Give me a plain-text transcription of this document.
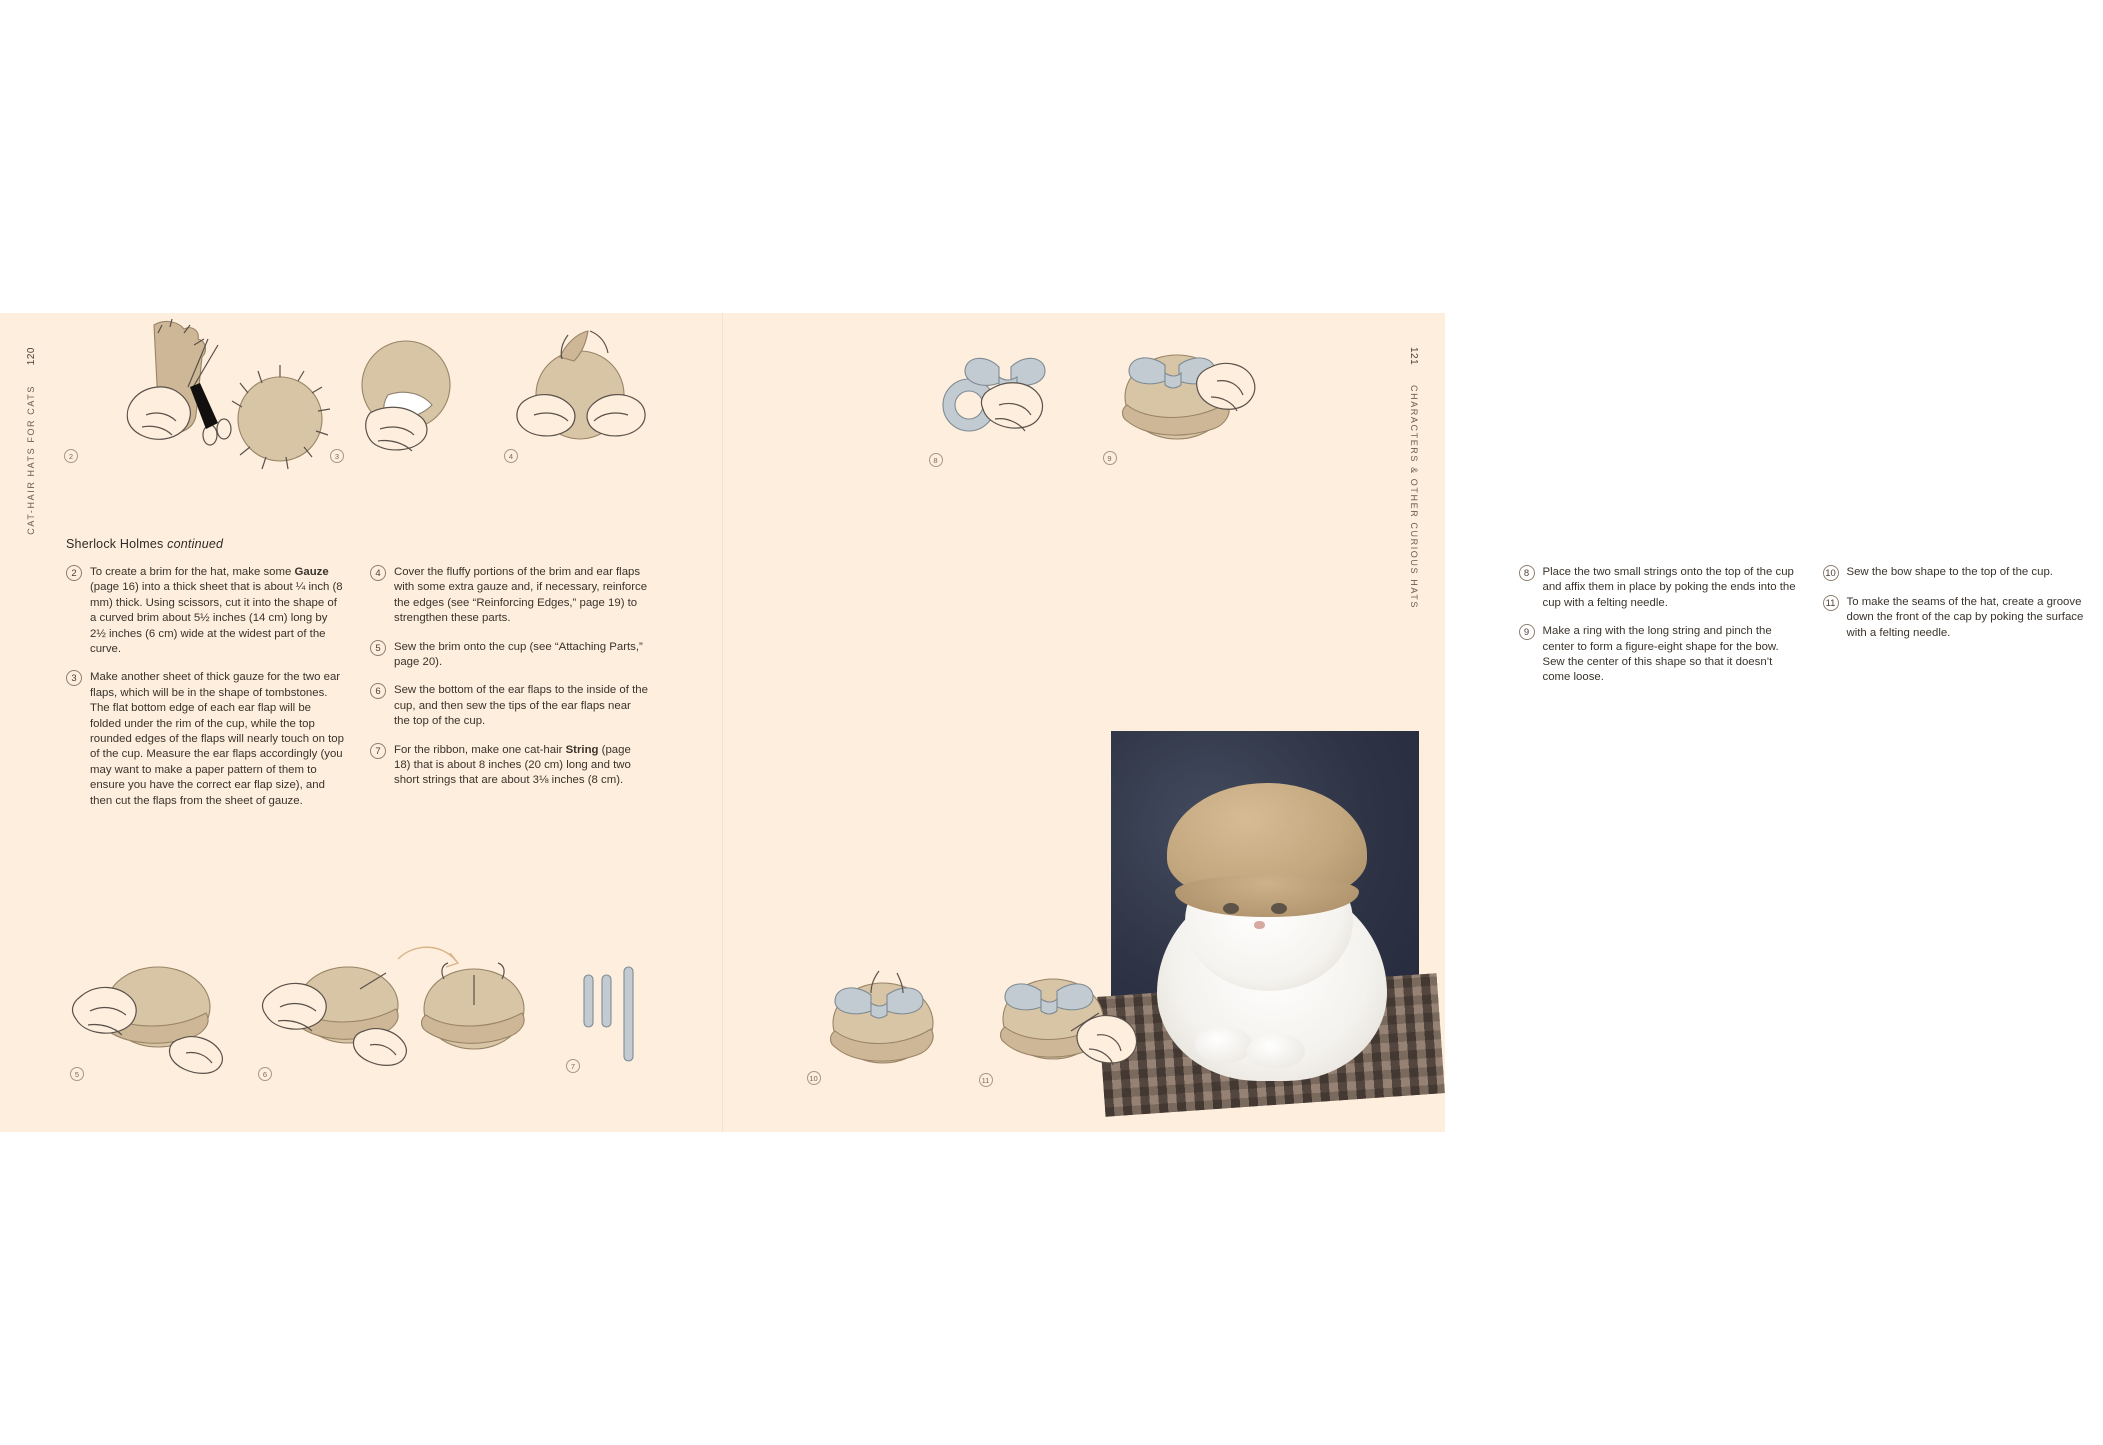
120
CAT-HAIR HATS FOR CATS	2	3	4
Sherlock Holmes continued
2	To create a brim for the hat, make some Gauze (page 16) into a thick sheet that is about ¼ inch (8 mm) thick. Using scissors, cut it into the shape of a curved brim about 5½ inches (14 cm) long by 2½ inches (6 cm) wide at the widest part of the curve.
3	Make another sheet of thick gauze for the two ear flaps, which will be in the shape of tombstones. The flat bottom edge of each ear flap will be folded under the rim of the cup, while the top rounded edges of the flaps will nearly touch on top of the cup. Measure the ear flaps accordingly (you may want to make a paper pattern of them to ensure you have the correct ear flap size), and then cut the flaps from the sheet of gauze.
4	Cover the fluffy portions of the brim and ear flaps with some extra gauze and, if necessary, reinforce the edges (see “Reinforcing Edges,” page 19) to strengthen these parts.
5	Sew the brim onto the cup (see “Attaching Parts,” page 20).
6	Sew the bottom of the ear flaps to the inside of the cup, and then sew the tips of the ear flaps near the top of the cup.
7	For the ribbon, make one cat-hair String (page 18) that is about 8 inches (20 cm) long and two short strings that are about 3⅛ inches (8 cm).
5	6
7
121
CHARACTERS & OTHER CURIOUS HATS
8	9
8	Place the two small strings onto the top of the cup and affix them in place by poking the ends into the cup with a felting needle.
9	Make a ring with the long string and pinch the center to form a figure-eight shape for the bow. Sew the center of this shape so that it doesn’t come loose.
10 Sew the bow shape to the top of the cup.
11 To make the seams of the hat, create a groove down the front of the cap by poking the surface with a felting needle.
10	11
